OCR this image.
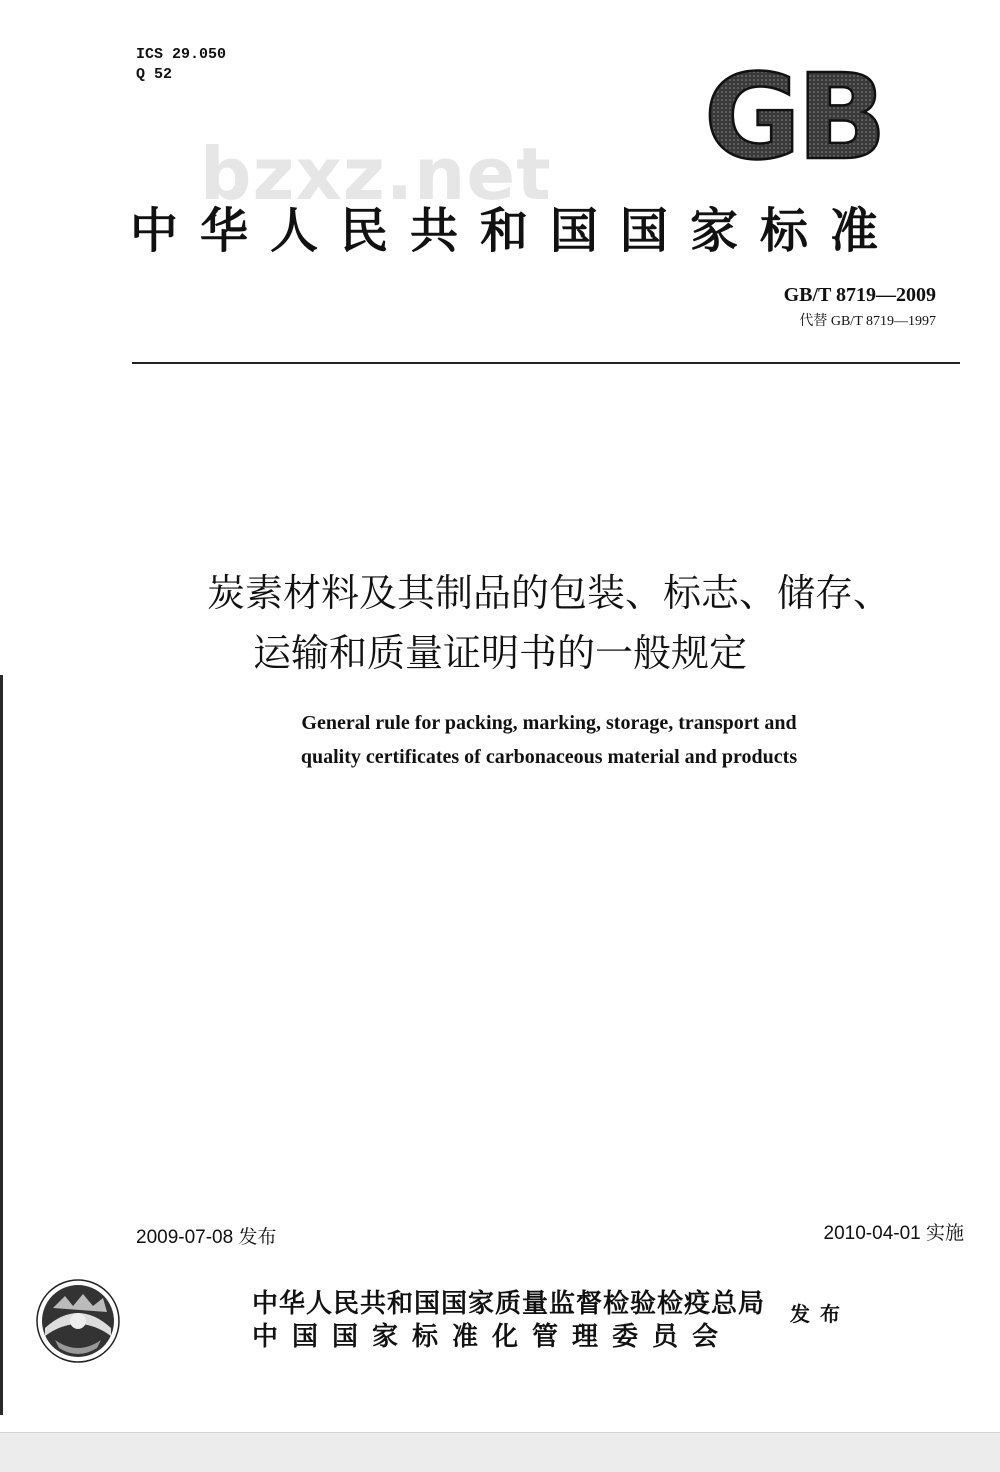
ICS 29.050
Q 52	GB
bzxz.net
中华人民共和国国家标准
GB/T 8719—2009
代替 GB/T 8719—1997
炭素材料及其制品的包装、标志、储存、
运输和质量证明书的一般规定
General rule for packing, marking, storage, transport and
quality certificates of carbonaceous material and products
2009-07-08 发布	2010-04-01 实施
中华人民共和国国家质量监督检验检疫总局
中国国家标准化管理委员会
发布
